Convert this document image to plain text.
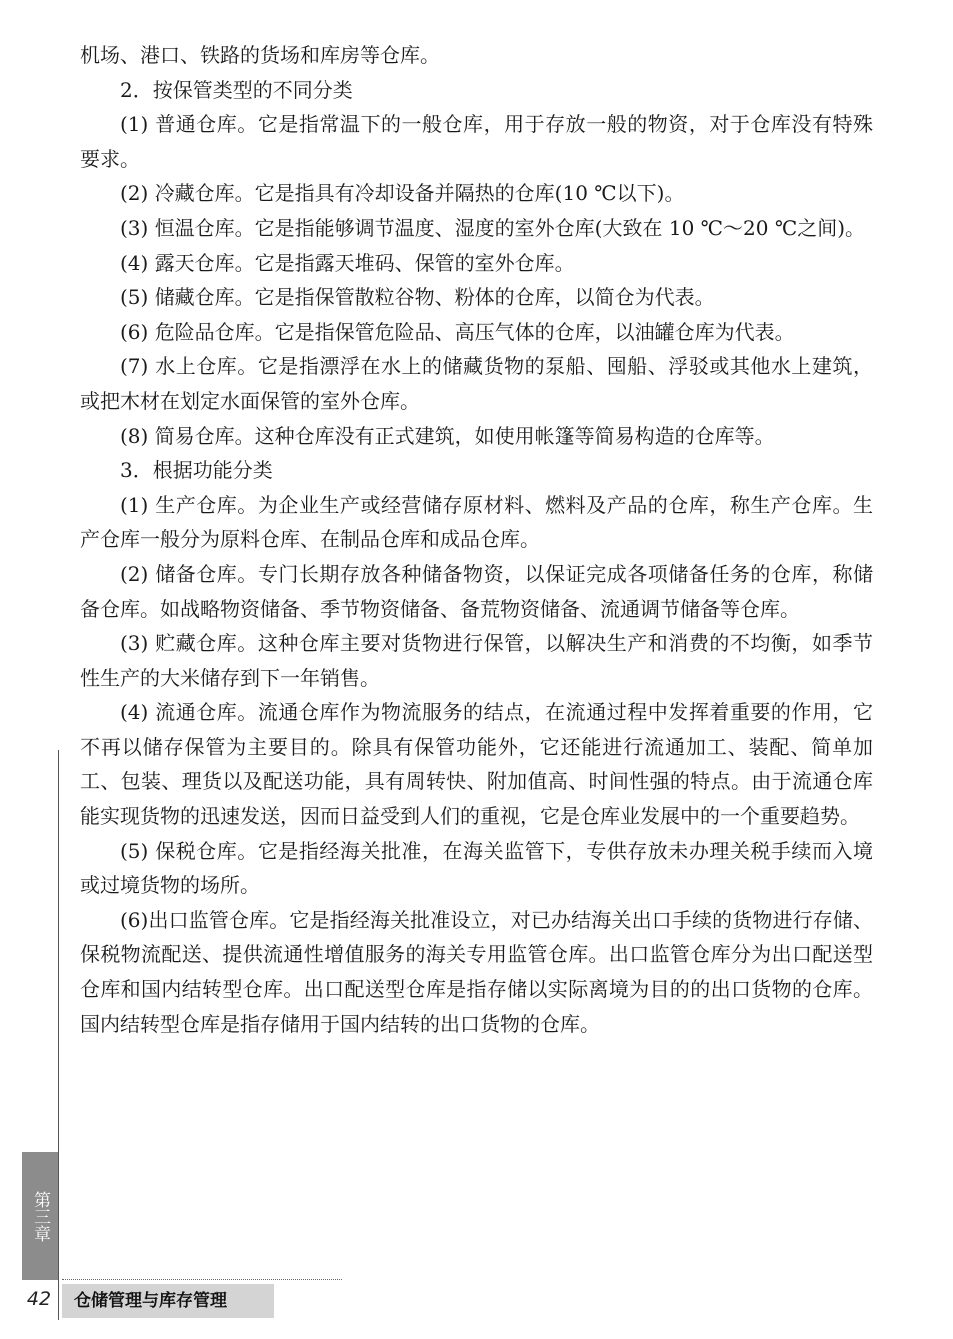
机场、港口、铁路的货场和库房等仓库。

2．按保管类型的不同分类

(1) 普通仓库。它是指常温下的一般仓库，用于存放一般的物资，对于仓库没有特殊要求。

(2) 冷藏仓库。它是指具有冷却设备并隔热的仓库(10 ℃以下)。

(3) 恒温仓库。它是指能够调节温度、湿度的室外仓库(大致在 10 ℃～20 ℃之间)。

(4) 露天仓库。它是指露天堆码、保管的室外仓库。

(5) 储藏仓库。它是指保管散粒谷物、粉体的仓库，以简仓为代表。

(6) 危险品仓库。它是指保管危险品、高压气体的仓库，以油罐仓库为代表。

(7) 水上仓库。它是指漂浮在水上的储藏货物的泵船、囤船、浮驳或其他水上建筑，或把木材在划定水面保管的室外仓库。

(8) 简易仓库。这种仓库没有正式建筑，如使用帐篷等简易构造的仓库等。

3．根据功能分类

(1) 生产仓库。为企业生产或经营储存原材料、燃料及产品的仓库，称生产仓库。生产仓库一般分为原料仓库、在制品仓库和成品仓库。

(2) 储备仓库。专门长期存放各种储备物资，以保证完成各项储备任务的仓库，称储备仓库。如战略物资储备、季节物资储备、备荒物资储备、流通调节储备等仓库。

(3) 贮藏仓库。这种仓库主要对货物进行保管，以解决生产和消费的不均衡，如季节性生产的大米储存到下一年销售。

(4) 流通仓库。流通仓库作为物流服务的结点，在流通过程中发挥着重要的作用，它不再以储存保管为主要目的。除具有保管功能外，它还能进行流通加工、装配、简单加工、包装、理货以及配送功能，具有周转快、附加值高、时间性强的特点。由于流通仓库能实现货物的迅速发送，因而日益受到人们的重视，它是仓库业发展中的一个重要趋势。

(5) 保税仓库。它是指经海关批准，在海关监管下，专供存放未办理关税手续而入境或过境货物的场所。

(6)出口监管仓库。它是指经海关批准设立，对已办结海关出口手续的货物进行存储、保税物流配送、提供流通性增值服务的海关专用监管仓库。出口监管仓库分为出口配送型仓库和国内结转型仓库。出口配送型仓库是指存储以实际离境为目的的出口货物的仓库。国内结转型仓库是指存储用于国内结转的出口货物的仓库。

第三章
42	仓储管理与库存管理
